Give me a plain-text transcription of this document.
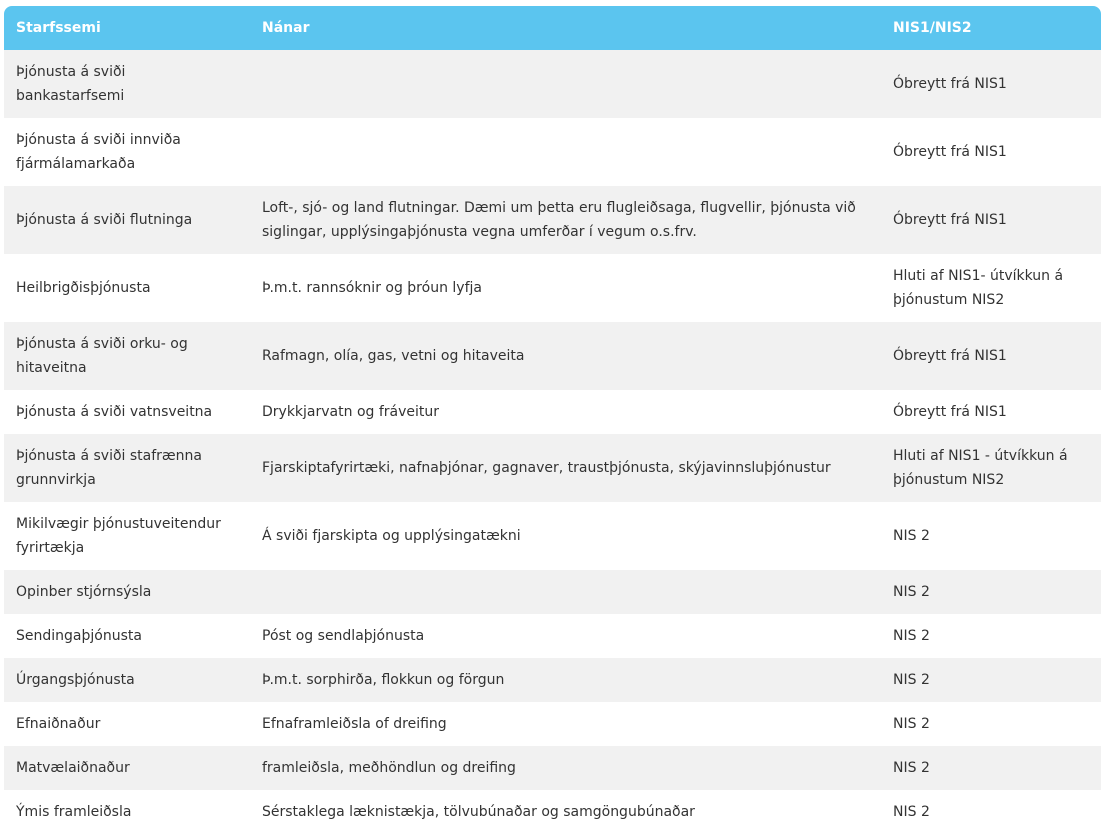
Starfssemi	Nánar	NIS1/NIS2
Þjónusta á sviði bankastarfsemi		Óbreytt frá NIS1
Þjónusta á sviði innviða fjármálamarkaða		Óbreytt frá NIS1
Þjónusta á sviði flutninga	Loft-, sjó- og land flutningar. Dæmi um þetta eru flugleiðsaga, flugvellir, þjónusta við siglingar, upplýsingaþjónusta vegna umferðar í vegum o.s.frv.	Óbreytt frá NIS1
Heilbrigðisþjónusta	Þ.m.t. rannsóknir og þróun lyfja	Hluti af NIS1- útvíkkun á þjónustum NIS2
Þjónusta á sviði orku- og hitaveitna	Rafmagn, olía, gas, vetni og hitaveita	Óbreytt frá NIS1
Þjónusta á sviði vatnsveitna	Drykkjarvatn og fráveitur	Óbreytt frá NIS1
Þjónusta á sviði stafrænna grunnvirkja	Fjarskiptafyrirtæki, nafnaþjónar, gagnaver, traustþjónusta, skýjavinnsluþjónustur	Hluti af NIS1 - útvíkkun á þjónustum NIS2
Mikilvægir þjónustuveitendur fyrirtækja	Á sviði fjarskipta og upplýsingatækni	NIS 2
Opinber stjórnsýsla		NIS 2
Sendingaþjónusta	Póst og sendlaþjónusta	NIS 2
Úrgangsþjónusta	Þ.m.t. sorphirða, flokkun og förgun	NIS 2
Efnaiðnaður	Efnaframleiðsla of dreifing	NIS 2
Matvælaiðnaður	framleiðsla, meðhöndlun og dreifing	NIS 2
Ýmis framleiðsla	Sérstaklega læknistækja, tölvubúnaðar og samgöngubúnaðar	NIS 2
